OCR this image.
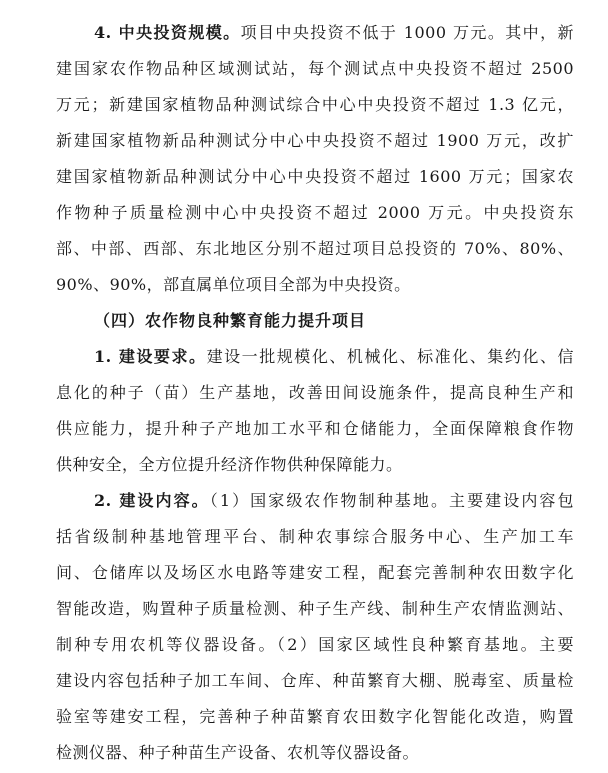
4. 中央投资规模。项目中央投资不低于 1000 万元。其中，新
建国家农作物品种区域测试站，每个测试点中央投资不超过 2500
万元；新建国家植物品种测试综合中心中央投资不超过 1.3 亿元，
新建国家植物新品种测试分中心中央投资不超过 1900 万元，改扩
建国家植物新品种测试分中心中央投资不超过 1600 万元；国家农
作物种子质量检测中心中央投资不超过 2000 万元。中央投资东
部、中部、西部、东北地区分别不超过项目总投资的 70%、80%、
90%、90%，部直属单位项目全部为中央投资。
（四）农作物良种繁育能力提升项目
1. 建设要求。建设一批规模化、机械化、标准化、集约化、信
息化的种子（苗）生产基地，改善田间设施条件，提高良种生产和
供应能力，提升种子产地加工水平和仓储能力，全面保障粮食作物
供种安全，全方位提升经济作物供种保障能力。
2. 建设内容。（1）国家级农作物制种基地。主要建设内容包
括省级制种基地管理平台、制种农事综合服务中心、生产加工车
间、仓储库以及场区水电路等建安工程，配套完善制种农田数字化
智能改造，购置种子质量检测、种子生产线、制种生产农情监测站、
制种专用农机等仪器设备。（2）国家区域性良种繁育基地。主要
建设内容包括种子加工车间、仓库、种苗繁育大棚、脱毒室、质量检
验室等建安工程，完善种子种苗繁育农田数字化智能化改造，购置
检测仪器、种子种苗生产设备、农机等仪器设备。
